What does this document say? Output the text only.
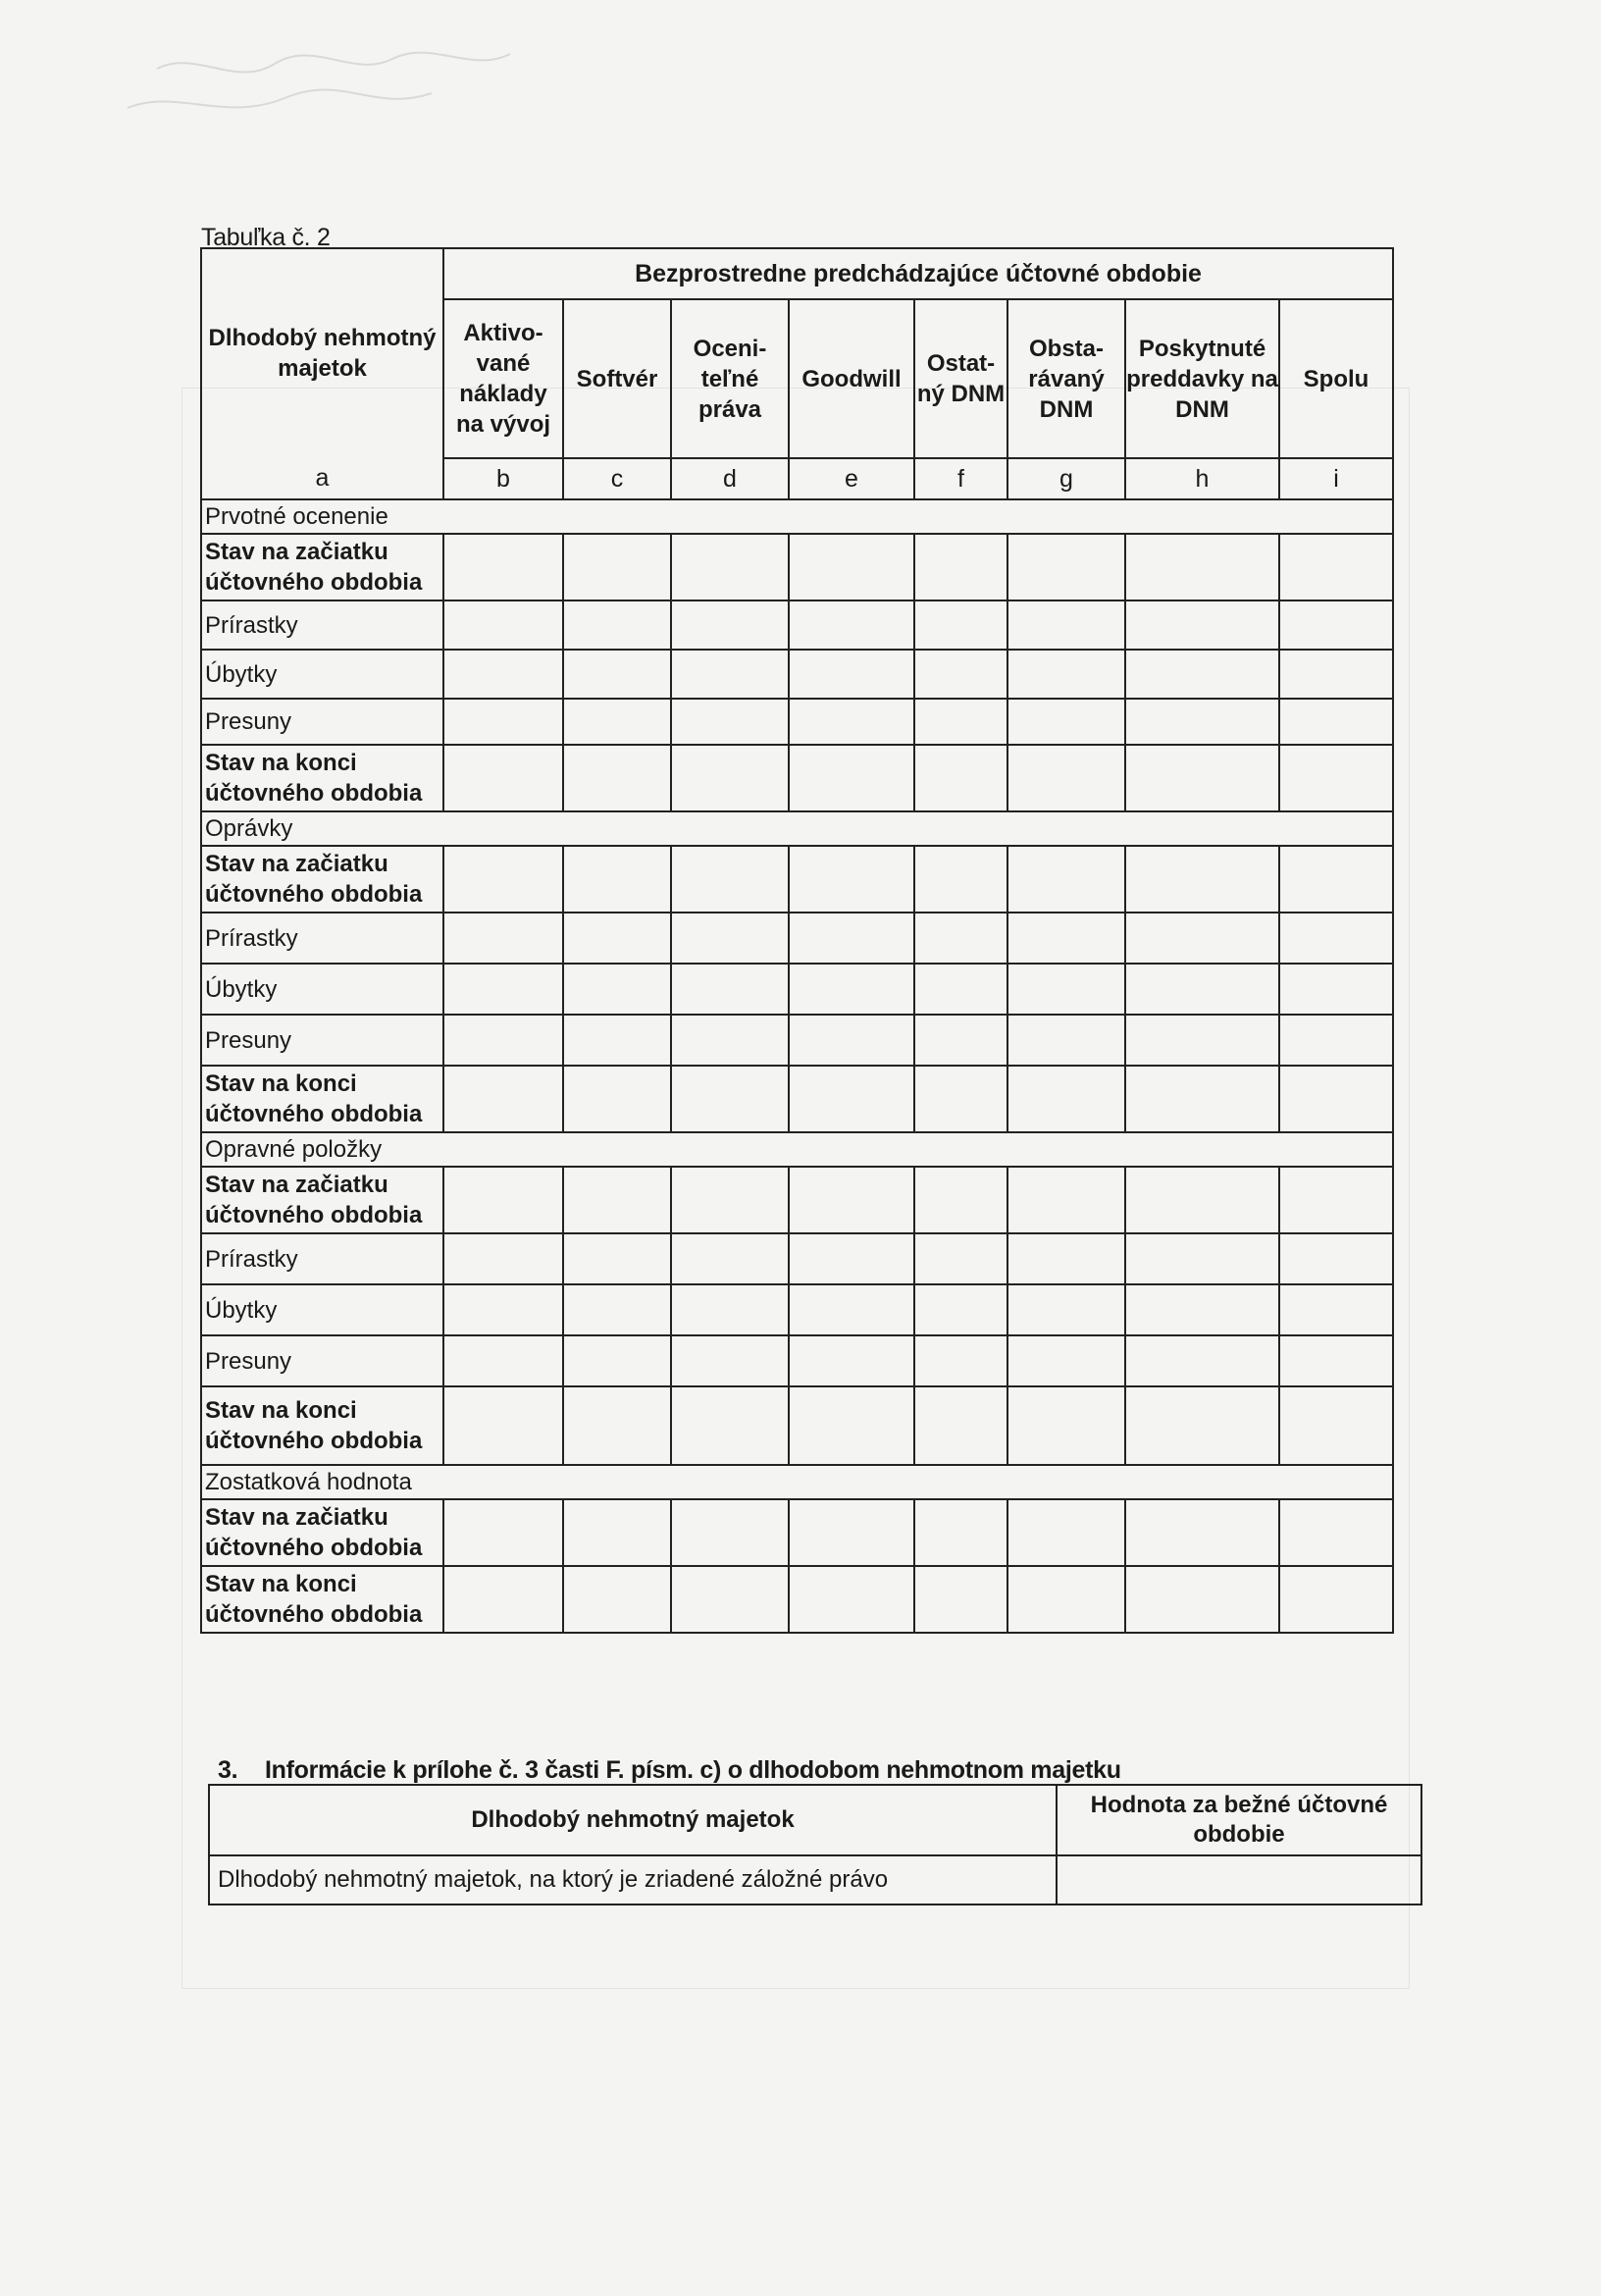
Tabuľka č. 2
	Bezprostredne predchádzajúce účtovné obdobie							
Dlhodobý nehmotný majetok	Aktivo- vané náklady na vývoj	Softvér	Oceni- teľné práva	Goodwill	Ostat- ný DNM	Obsta- rávaný DNM	Poskytnuté preddavky na DNM	Spolu
a	b	c	d	e	f	g	h	i
Prvotné ocenenie								
Stav na začiatku účtovného obdobia								
Prírastky								
Úbytky								
Presuny								
Stav na konci účtovného obdobia								
Oprávky								
Stav na začiatku účtovného obdobia								
Prírastky								
Úbytky								
Presuny								
Stav na konci účtovného obdobia								
Opravné položky								
Stav na začiatku účtovného obdobia								
Prírastky								
Úbytky								
Presuny								
Stav na konci účtovného obdobia								
Zostatková hodnota								
Stav na začiatku účtovného obdobia								
Stav na konci účtovného obdobia								
3. Informácie k prílohe č. 3 časti F. písm. c) o dlhodobom nehmotnom majetku
Dlhodobý nehmotný majetok	Hodnota za bežné účtovné obdobie
Dlhodobý nehmotný majetok, na ktorý je zriadené záložné právo	
